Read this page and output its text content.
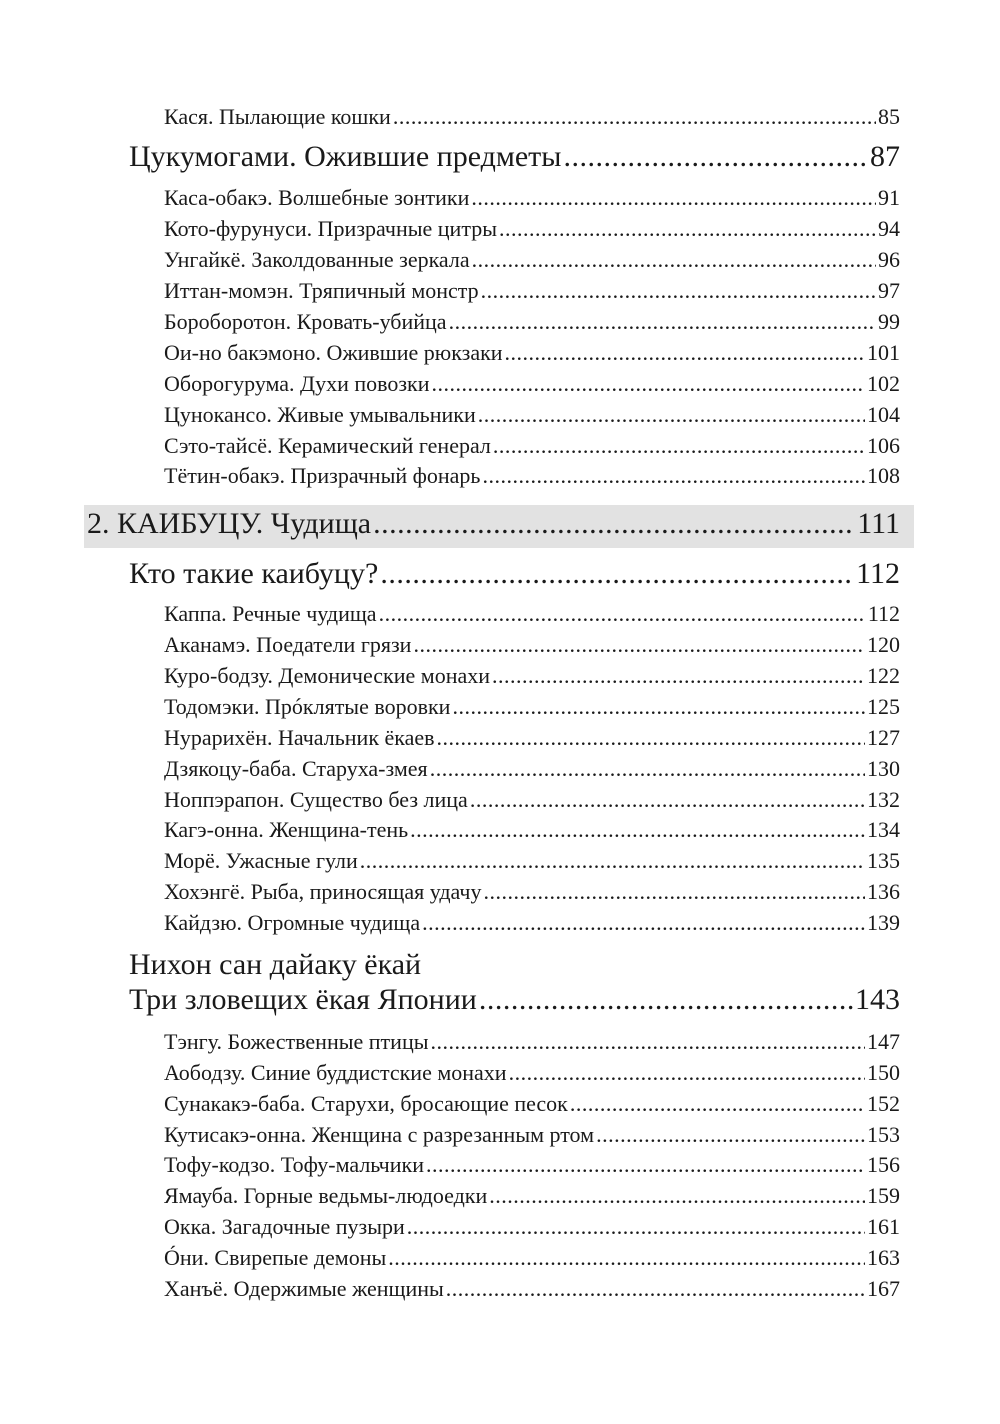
Кася. Пылающие кошки .....	85
Цукумогами. Ожившие предметы .....	87
Каса-обакэ. Волшебные зонтики .....	91
Кото-фурунуси. Призрачные цитры .....	94
Унгайкё. Заколдованные зеркала .....	96
Иттан-момэн. Тряпичный монстр .....	97
Бороборотон. Кровать-убийца .....	99
Ои-но бакэмоно. Ожившие рюкзаки .....	101
Оборогурума. Духи повозки .....	102
Цунокансо. Живые умывальники .....	104
Сэто-тайсё. Керамический генерал .....	106
Тётин-обакэ. Призрачный фонарь .....	108
2. КАИБУЦУ. Чудища .....	111
Кто такие каибуцу? .....	112
Каппа. Речные чудища .....	112
Аканамэ. Поедатели грязи .....	120
Куро-бодзу. Демонические монахи .....	122
Тодомэки. Прóклятые воровки .....	125
Нурарихён. Начальник ёкаев .....	127
Дзякоцу-баба. Старуха-змея .....	130
Ноппэрапон. Существо без лица .....	132
Кагэ-онна. Женщина-тень .....	134
Морё. Ужасные гули .....	135
Хохэнгё. Рыба, приносящая удачу .....	136
Кайдзю. Огромные чудища .....	139
Нихон сан дайаку ёкай
Три зловещих ёкая Японии .....	143
Тэнгу. Божественные птицы .....	147
Аободзу. Синие буддистские монахи .....	150
Сунакакэ-баба. Старухи, бросающие песок .....	152
Кутисакэ-онна. Женщина с разрезанным ртом .....	153
Тофу-кодзо. Тофу-мальчики .....	156
Ямауба. Горные ведьмы-людоедки .....	159
Окка. Загадочные пузыри .....	161
Óни. Свирепые демоны .....	163
Ханъё. Одержимые женщины .....	167
